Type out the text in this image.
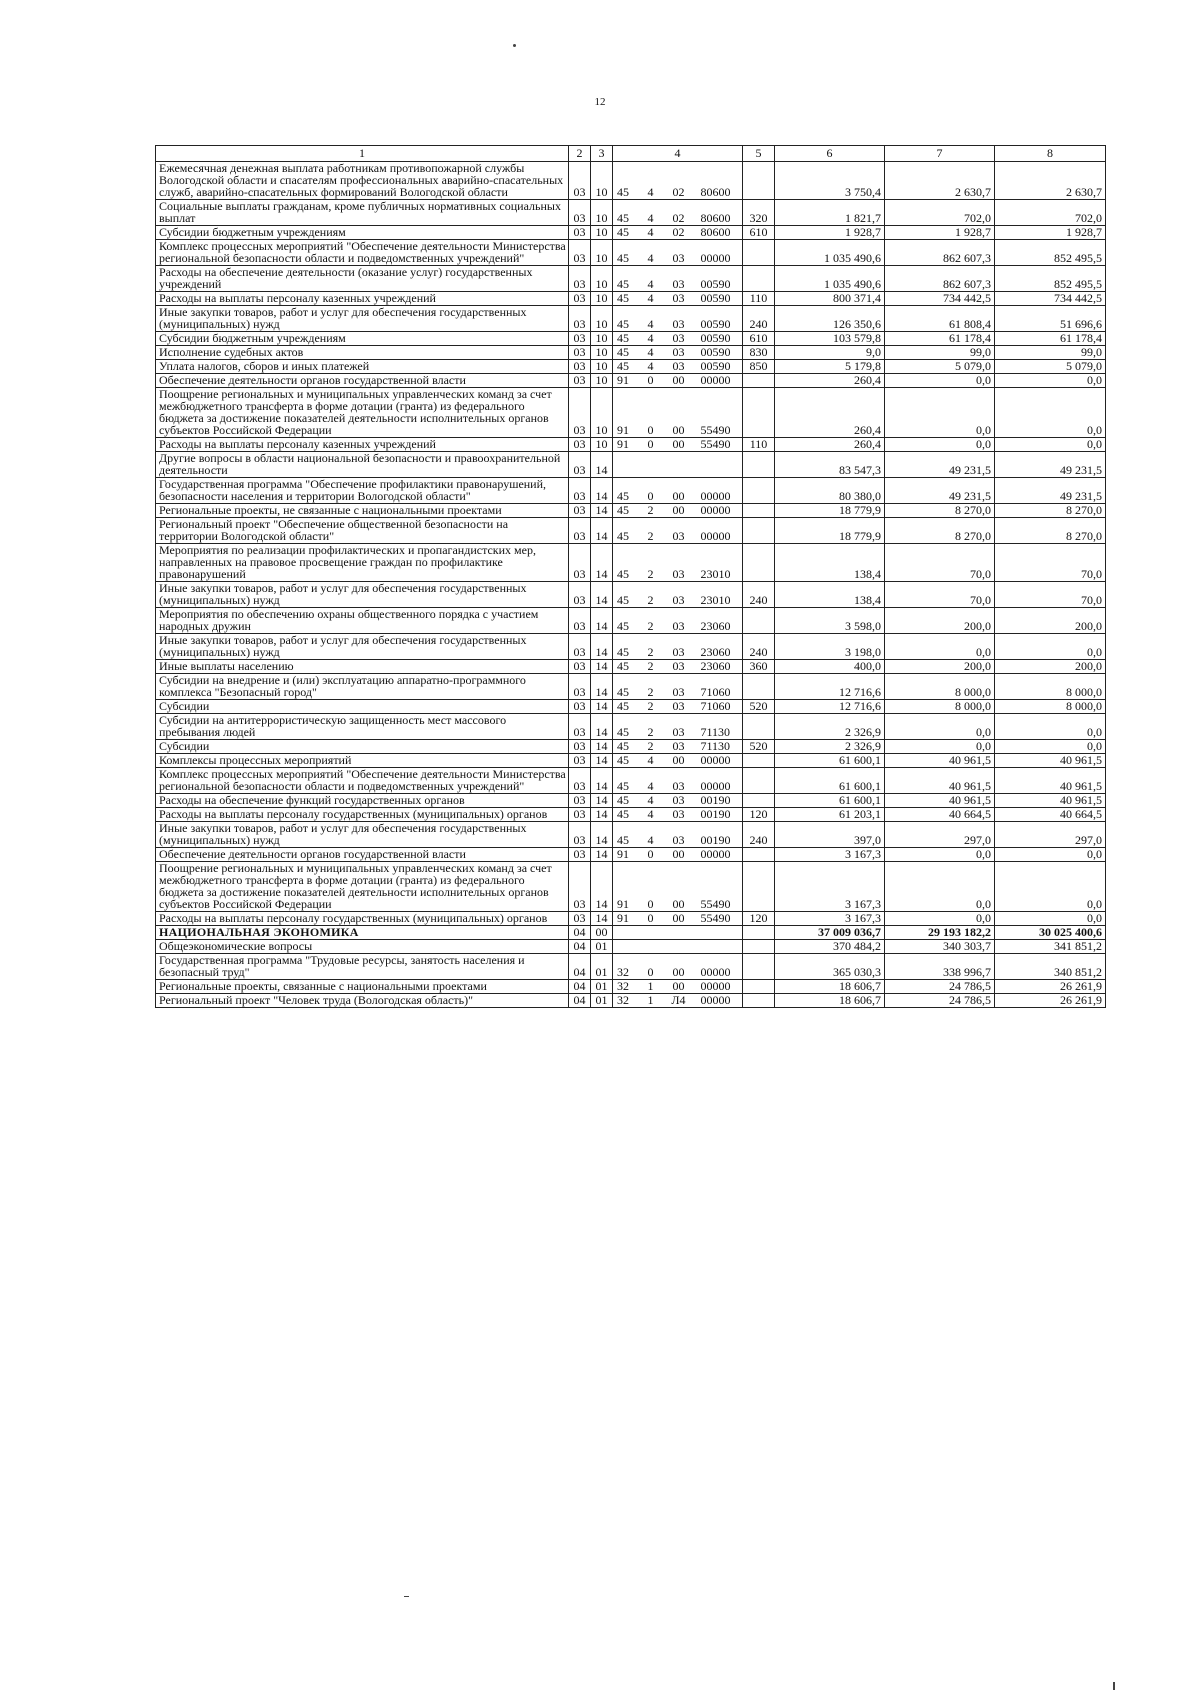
12
1	2	3	4				5	6	7	8
Ежемесячная денежная выплата работникам противопожарной службы Вологодской области и спасателям профессиональных аварийно-спасательных служб, аварийно-спасательных формирований Вологодской области	03	10	45	4	02	80600		3 750,4	2 630,7	2 630,7
Социальные выплаты гражданам, кроме публичных нормативных социальных выплат	03	10	45	4	02	80600	320	1 821,7	702,0	702,0
Субсидии бюджетным учреждениям	03	10	45	4	02	80600	610	1 928,7	1 928,7	1 928,7
Комплекс процессных мероприятий "Обеспечение деятельности Министерства региональной безопасности области и подведомственных учреждений"	03	10	45	4	03	00000		1 035 490,6	862 607,3	852 495,5
Расходы на обеспечение деятельности (оказание услуг) государственных учреждений	03	10	45	4	03	00590		1 035 490,6	862 607,3	852 495,5
Расходы на выплаты персоналу казенных учреждений	03	10	45	4	03	00590	110	800 371,4	734 442,5	734 442,5
Иные закупки товаров, работ и услуг для обеспечения государственных (муниципальных) нужд	03	10	45	4	03	00590	240	126 350,6	61 808,4	51 696,6
Субсидии бюджетным учреждениям	03	10	45	4	03	00590	610	103 579,8	61 178,4	61 178,4
Исполнение судебных актов	03	10	45	4	03	00590	830	9,0	99,0	99,0
Уплата налогов, сборов и иных платежей	03	10	45	4	03	00590	850	5 179,8	5 079,0	5 079,0
Обеспечение деятельности органов государственной власти	03	10	91	0	00	00000		260,4	0,0	0,0
Поощрение региональных и муниципальных управленческих команд за счет межбюджетного трансферта в форме дотации (гранта) из федерального бюджета за достижение показателей деятельности исполнительных органов субъектов Российской Федерации	03	10	91	0	00	55490		260,4	0,0	0,0
Расходы на выплаты персоналу казенных учреждений	03	10	91	0	00	55490	110	260,4	0,0	0,0
Другие вопросы в области национальной безопасности и правоохранительной деятельности	03	14						83 547,3	49 231,5	49 231,5
Государственная программа "Обеспечение профилактики правонарушений, безопасности населения и территории Вологодской области"	03	14	45	0	00	00000		80 380,0	49 231,5	49 231,5
Региональные проекты, не связанные с национальными проектами	03	14	45	2	00	00000		18 779,9	8 270,0	8 270,0
Региональный проект "Обеспечение общественной безопасности на территории Вологодской области"	03	14	45	2	03	00000		18 779,9	8 270,0	8 270,0
Мероприятия по реализации профилактических и пропагандистских мер, направленных на правовое просвещение граждан по профилактике правонарушений	03	14	45	2	03	23010		138,4	70,0	70,0
Иные закупки товаров, работ и услуг для обеспечения государственных (муниципальных) нужд	03	14	45	2	03	23010	240	138,4	70,0	70,0
Мероприятия по обеспечению охраны общественного порядка с участием народных дружин	03	14	45	2	03	23060		3 598,0	200,0	200,0
Иные закупки товаров, работ и услуг для обеспечения государственных (муниципальных) нужд	03	14	45	2	03	23060	240	3 198,0	0,0	0,0
Иные выплаты населению	03	14	45	2	03	23060	360	400,0	200,0	200,0
Субсидии на внедрение и (или) эксплуатацию аппаратно-программного комплекса "Безопасный город"	03	14	45	2	03	71060		12 716,6	8 000,0	8 000,0
Субсидии	03	14	45	2	03	71060	520	12 716,6	8 000,0	8 000,0
Субсидии на антитеррористическую защищенность мест массового пребывания людей	03	14	45	2	03	71130		2 326,9	0,0	0,0
Субсидии	03	14	45	2	03	71130	520	2 326,9	0,0	0,0
Комплексы процессных мероприятий	03	14	45	4	00	00000		61 600,1	40 961,5	40 961,5
Комплекс процессных мероприятий "Обеспечение деятельности Министерства региональной безопасности области и подведомственных учреждений"	03	14	45	4	03	00000		61 600,1	40 961,5	40 961,5
Расходы на обеспечение функций государственных органов	03	14	45	4	03	00190		61 600,1	40 961,5	40 961,5
Расходы на выплаты персоналу государственных (муниципальных) органов	03	14	45	4	03	00190	120	61 203,1	40 664,5	40 664,5
Иные закупки товаров, работ и услуг для обеспечения государственных (муниципальных) нужд	03	14	45	4	03	00190	240	397,0	297,0	297,0
Обеспечение деятельности органов государственной власти	03	14	91	0	00	00000		3 167,3	0,0	0,0
Поощрение региональных и муниципальных управленческих команд за счет межбюджетного трансферта в форме дотации (гранта) из федерального бюджета за достижение показателей деятельности исполнительных органов субъектов Российской Федерации	03	14	91	0	00	55490		3 167,3	0,0	0,0
Расходы на выплаты персоналу государственных (муниципальных) органов	03	14	91	0	00	55490	120	3 167,3	0,0	0,0
НАЦИОНАЛЬНАЯ ЭКОНОМИКА	04	00						37 009 036,7	29 193 182,2	30 025 400,6
Общеэкономические вопросы	04	01						370 484,2	340 303,7	341 851,2
Государственная программа "Трудовые ресурсы, занятость населения и безопасный труд"	04	01	32	0	00	00000		365 030,3	338 996,7	340 851,2
Региональные проекты, связанные с национальными проектами	04	01	32	1	00	00000		18 606,7	24 786,5	26 261,9
Региональный проект "Человек труда (Вологодская область)"	04	01	32	1	Л4	00000		18 606,7	24 786,5	26 261,9
